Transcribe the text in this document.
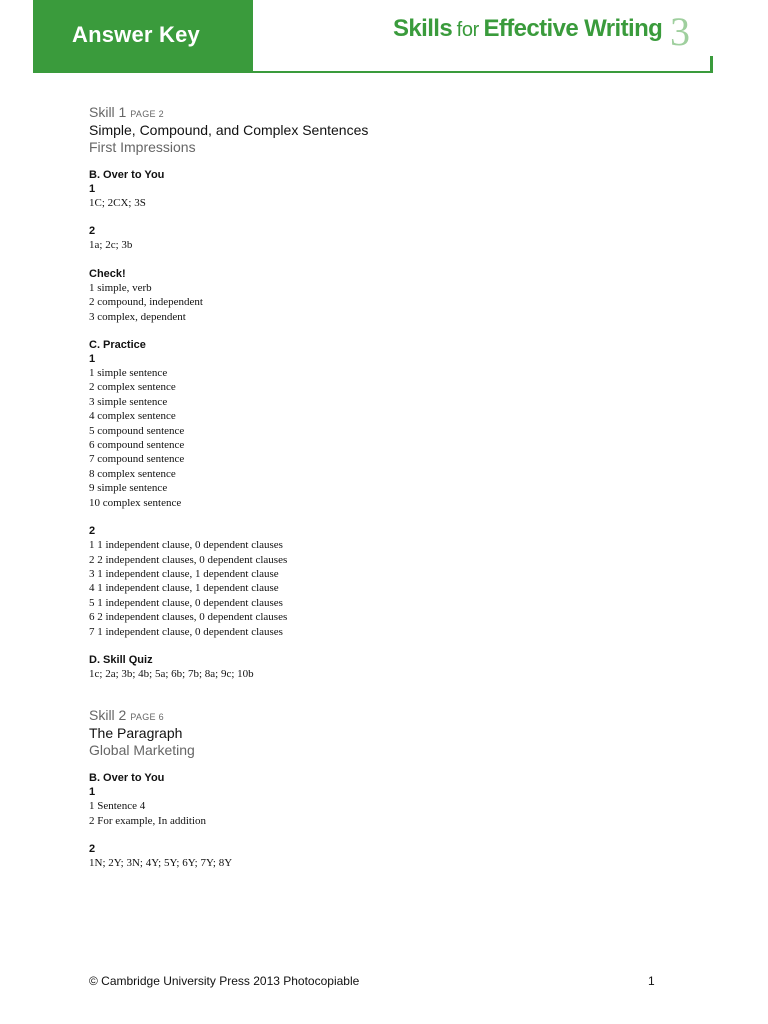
Answer Key	Skills for Effective Writing 3
Skill 1 PAGE 2
Simple, Compound, and Complex Sentences
First Impressions
B. Over to You
1
1C; 2CX; 3S
2
1a; 2c; 3b
Check!
1 simple, verb
2 compound, independent
3 complex, dependent
C. Practice
1
1 simple sentence
2 complex sentence
3 simple sentence
4 complex sentence
5 compound sentence
6 compound sentence
7 compound sentence
8 complex sentence
9 simple sentence
10 complex sentence
2
1 1 independent clause, 0 dependent clauses
2 2 independent clauses, 0 dependent clauses
3 1 independent clause, 1 dependent clause
4 1 independent clause, 1 dependent clause
5 1 independent clause, 0 dependent clauses
6 2 independent clauses, 0 dependent clauses
7 1 independent clause, 0 dependent clauses
D. Skill Quiz
1c; 2a; 3b; 4b; 5a; 6b; 7b; 8a; 9c; 10b
Skill 2 PAGE 6
The Paragraph
Global Marketing
B. Over to You
1
1 Sentence 4
2 For example, In addition
2
1N; 2Y; 3N; 4Y; 5Y; 6Y; 7Y; 8Y
© Cambridge University Press 2013 Photocopiable	1
